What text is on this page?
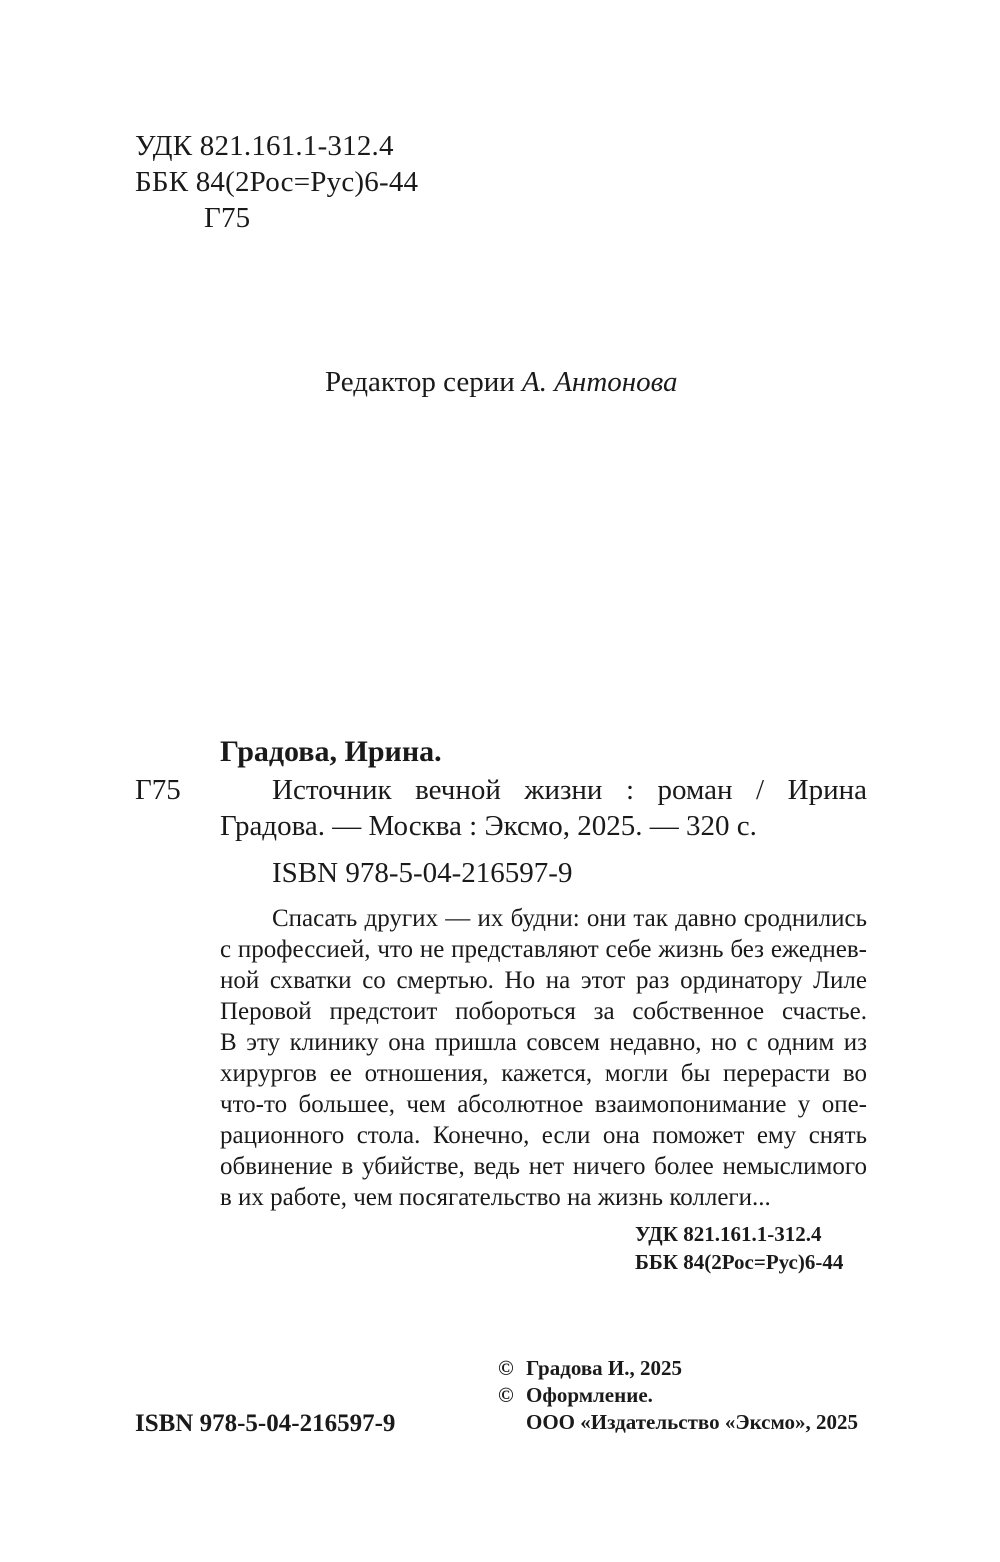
УДК 821.161.1-312.4
ББК 84(2Рос=Рус)6-44
Г75
Редактор серии А. Антонова
Градова, Ирина.
Г75	Источник вечной жизни : роман / Ирина
Градова. — Москва : Эксмо, 2025. — 320 с.
ISBN 978-5-04-216597-9
Спасать других — их будни: они так давно сроднились
с профессией, что не представляют себе жизнь без ежеднев-
ной схватки со смертью. Но на этот раз ординатору Лиле
Перовой предстоит побороться за собственное счастье.
В эту клинику она пришла совсем недавно, но с одним из
хирургов ее отношения, кажется, могли бы перерасти во
что-то большее, чем абсолютное взаимопонимание у опе-
рационного стола. Конечно, если она поможет ему снять
обвинение в убийстве, ведь нет ничего более немыслимого
в их работе, чем посягательство на жизнь коллеги...
УДК 821.161.1-312.4
ББК 84(2Рос=Рус)6-44
ISBN 978-5-04-216597-9
© Градова И., 2025
© Оформление.
ООО «Издательство «Эксмо», 2025
